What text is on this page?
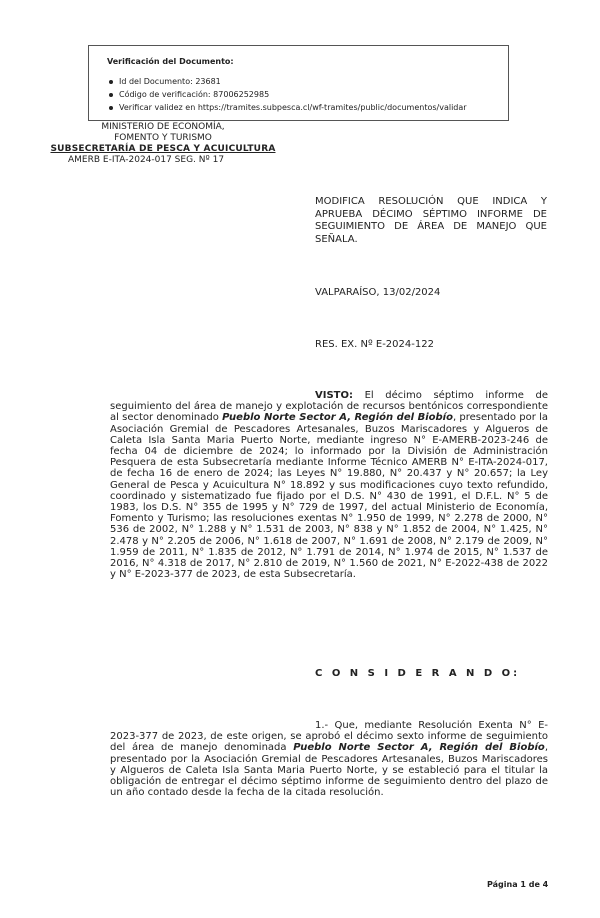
Verificación del Documento:
Id del Documento: 23681
Código de verificación: 87006252985
Verificar validez en https://tramites.subpesca.cl/wf-tramites/public/documentos/validar
MINISTERIO DE ECONOMÍA,
FOMENTO Y TURISMO
SUBSECRETARÍA DE PESCA Y ACUICULTURA
AMERB E-ITA-2024-017 SEG. Nº 17
MODIFICA RESOLUCIÓN QUE INDICA Y APRUEBA DÉCIMO SÉPTIMO INFORME DE SEGUIMIENTO DE ÁREA DE MANEJO QUE SEÑALA.
VALPARAÍSO, 13/02/2024
RES. EX. Nº E-2024-122
VISTO: El décimo séptimo informe de seguimiento del área de manejo y explotación de recursos bentónicos correspondiente al sector denominado Pueblo Norte Sector A, Región del Biobío, presentado por la Asociación Gremial de Pescadores Artesanales, Buzos Mariscadores y Algueros de Caleta Isla Santa Maria Puerto Norte, mediante ingreso N° E-AMERB-2023-246 de fecha 04 de diciembre de 2024; lo informado por la División de Administración Pesquera de esta Subsecretaría mediante Informe Técnico AMERB N° E-ITA-2024-017, de fecha 16 de enero de 2024; las Leyes N° 19.880, N° 20.437 y N° 20.657; la Ley General de Pesca y Acuicultura N° 18.892 y sus modificaciones cuyo texto refundido, coordinado y sistematizado fue fijado por el D.S. N° 430 de 1991, el D.F.L. N° 5 de 1983, los D.S. N° 355 de 1995 y N° 729 de 1997, del actual Ministerio de Economía, Fomento y Turismo; las resoluciones exentas N° 1.950 de 1999, N° 2.278 de 2000, N° 536 de 2002, N° 1.288 y N° 1.531 de 2003, N° 838 y N° 1.852 de 2004, N° 1.425, N° 2.478 y N° 2.205 de 2006, N° 1.618 de 2007, N° 1.691 de 2008, N° 2.179 de 2009, N° 1.959 de 2011, N° 1.835 de 2012, N° 1.791 de 2014, N° 1.974 de 2015, N° 1.537 de 2016, N° 4.318 de 2017, N° 2.810 de 2019, N° 1.560 de 2021, N° E-2022-438 de 2022 y N° E-2023-377 de 2023, de esta Subsecretaría.
C O N S I D E R A N D O:
1.- Que, mediante Resolución Exenta N° E-2023-377 de 2023, de este origen, se aprobó el décimo sexto informe de seguimiento del área de manejo denominada Pueblo Norte Sector A, Región del Biobío, presentado por la Asociación Gremial de Pescadores Artesanales, Buzos Mariscadores y Algueros de Caleta Isla Santa Maria Puerto Norte, y se estableció para el titular la obligación de entregar el décimo séptimo informe de seguimiento dentro del plazo de un año contado desde la fecha de la citada resolución.
Página 1 de 4
